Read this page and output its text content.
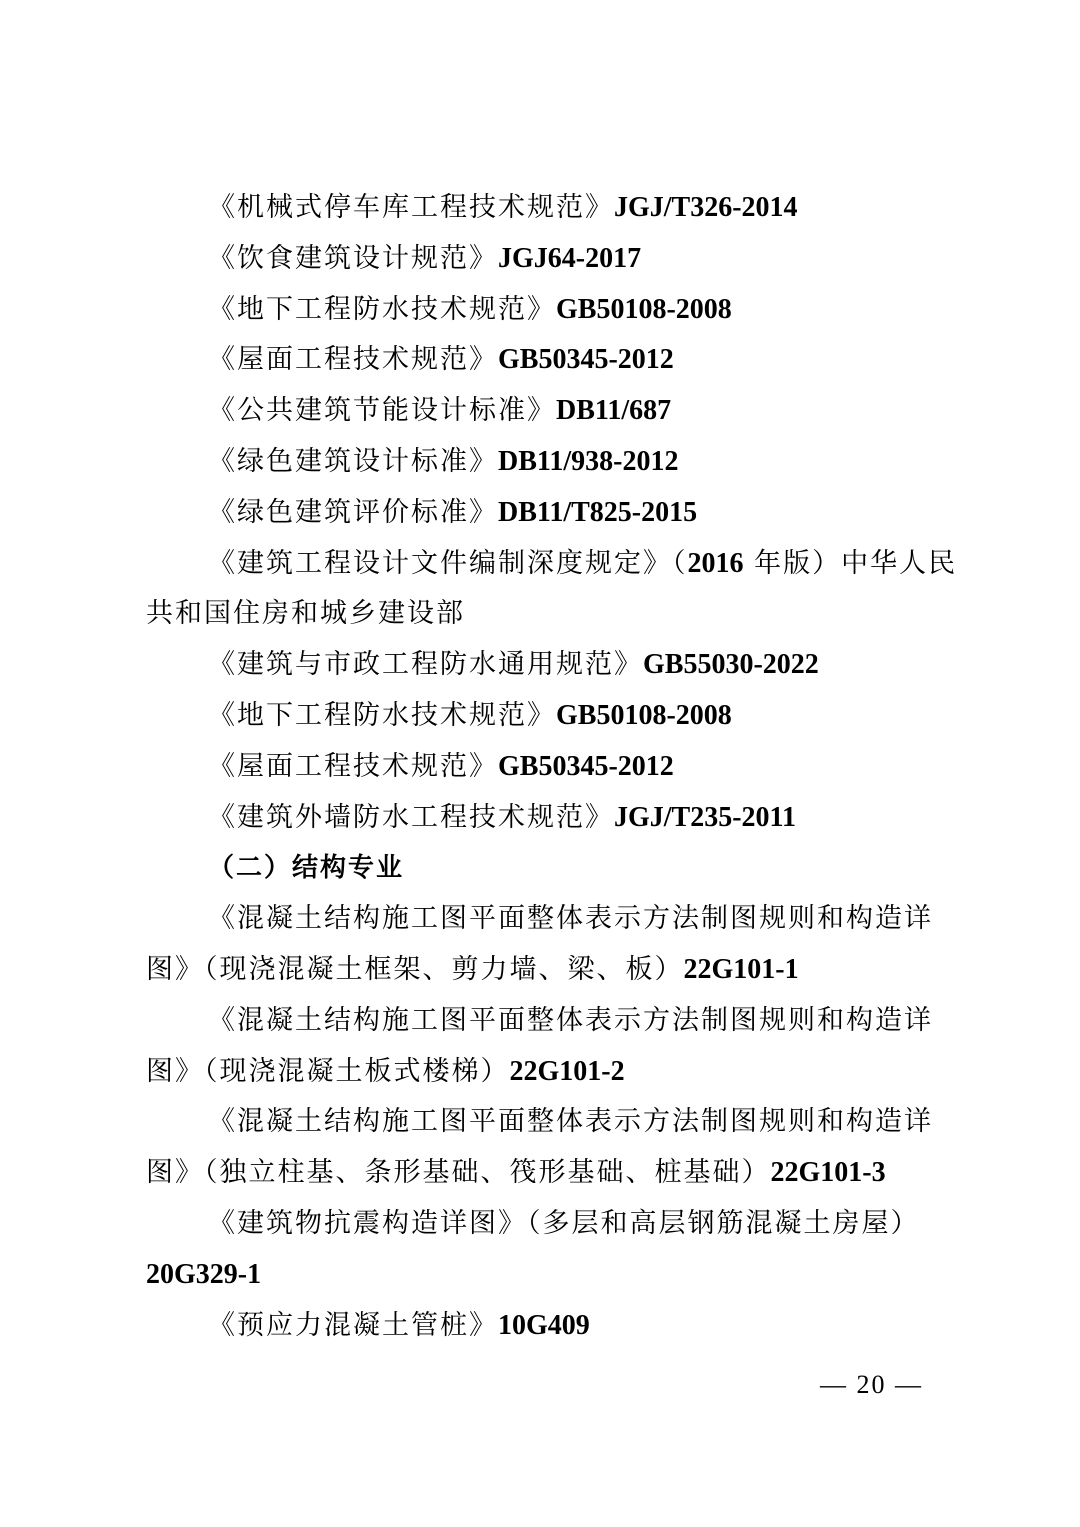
《机械式停车库工程技术规范》JGJ/T326-2014
《饮食建筑设计规范》JGJ64-2017
《地下工程防水技术规范》GB50108-2008
《屋面工程技术规范》GB50345-2012
《公共建筑节能设计标准》DB11/687
《绿色建筑设计标准》DB11/938-2012
《绿色建筑评价标准》DB11/T825-2015
《建筑工程设计文件编制深度规定》（2016 年版）中华人民
共和国住房和城乡建设部
《建筑与市政工程防水通用规范》GB55030-2022
《地下工程防水技术规范》GB50108-2008
《屋面工程技术规范》GB50345-2012
《建筑外墙防水工程技术规范》JGJ/T235-2011
（二）结构专业
《混凝土结构施工图平面整体表示方法制图规则和构造详
图》（现浇混凝土框架、剪力墙、梁、板）22G101-1
《混凝土结构施工图平面整体表示方法制图规则和构造详
图》（现浇混凝土板式楼梯）22G101-2
《混凝土结构施工图平面整体表示方法制图规则和构造详
图》（独立柱基、条形基础、筏形基础、桩基础）22G101-3
《建筑物抗震构造详图》（多层和高层钢筋混凝土房屋）
20G329-1
《预应力混凝土管桩》10G409
— 20 —
